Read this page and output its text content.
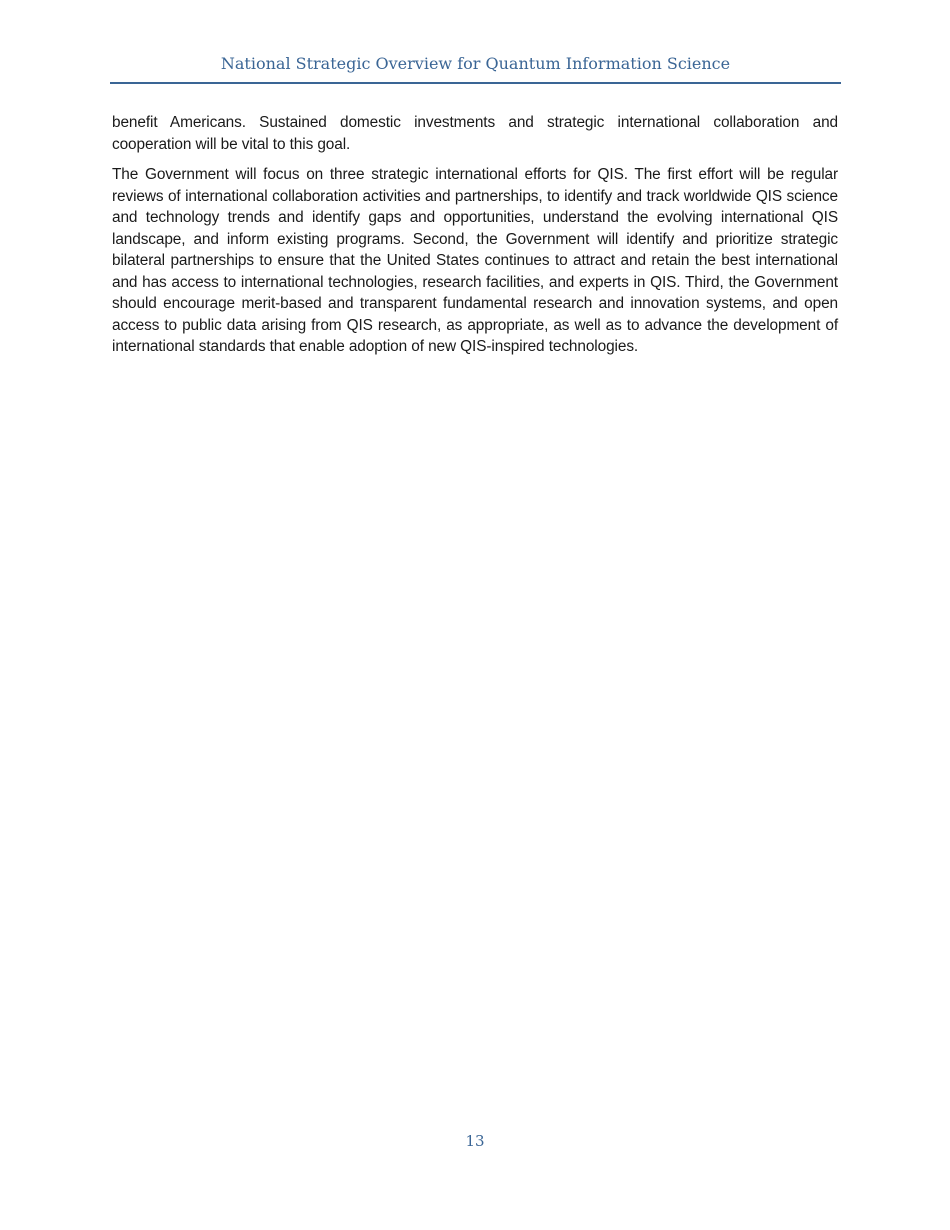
National Strategic Overview for Quantum Information Science

benefit Americans. Sustained domestic investments and strategic international collaboration and cooperation will be vital to this goal.

The Government will focus on three strategic international efforts for QIS. The first effort will be regular reviews of international collaboration activities and partnerships, to identify and track worldwide QIS science and technology trends and identify gaps and opportunities, understand the evolving international QIS landscape, and inform existing programs. Second, the Government will identify and prioritize strategic bilateral partnerships to ensure that the United States continues to attract and retain the best international and has access to international technologies, research facilities, and experts in QIS. Third, the Government should encourage merit-based and transparent fundamental research and innovation systems, and open access to public data arising from QIS research, as appropriate, as well as to advance the development of international standards that enable adoption of new QIS-inspired technologies.

13
